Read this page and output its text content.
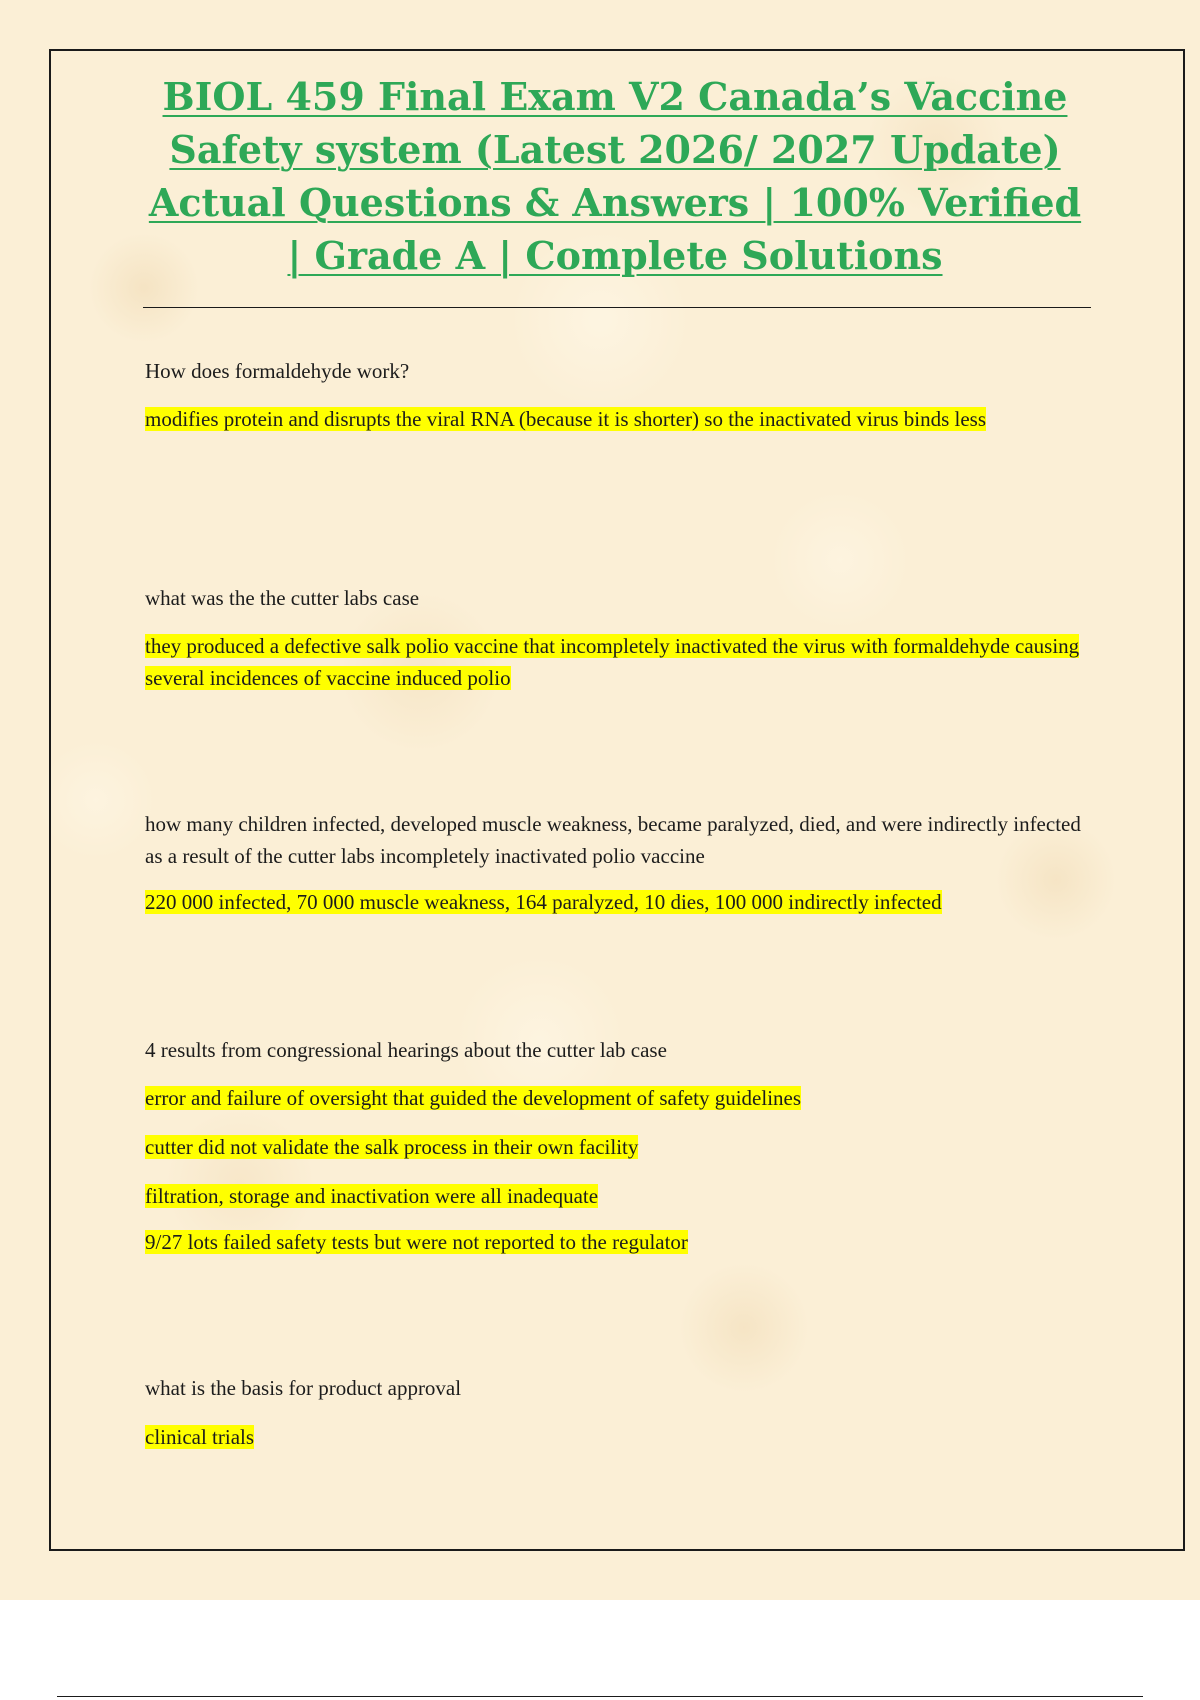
BIOL 459 Final Exam V2 Canada’s Vaccine Safety system (Latest 2026/ 2027 Update) Actual Questions & Answers | 100% Verified | Grade A | Complete Solutions

How does formaldehyde work?

modifies protein and disrupts the viral RNA (because it is shorter) so the inactivated virus binds less

what was the the cutter labs case

they produced a defective salk polio vaccine that incompletely inactivated the virus with formaldehyde causing several incidences of vaccine induced polio

how many children infected, developed muscle weakness, became paralyzed, died, and were indirectly infected as a result of the cutter labs incompletely inactivated polio vaccine

220 000 infected, 70 000 muscle weakness, 164 paralyzed, 10 dies, 100 000 indirectly infected

4 results from congressional hearings about the cutter lab case

error and failure of oversight that guided the development of safety guidelines

cutter did not validate the salk process in their own facility

filtration, storage and inactivation were all inadequate

9/27 lots failed safety tests but were not reported to the regulator

what is the basis for product approval

clinical trials
